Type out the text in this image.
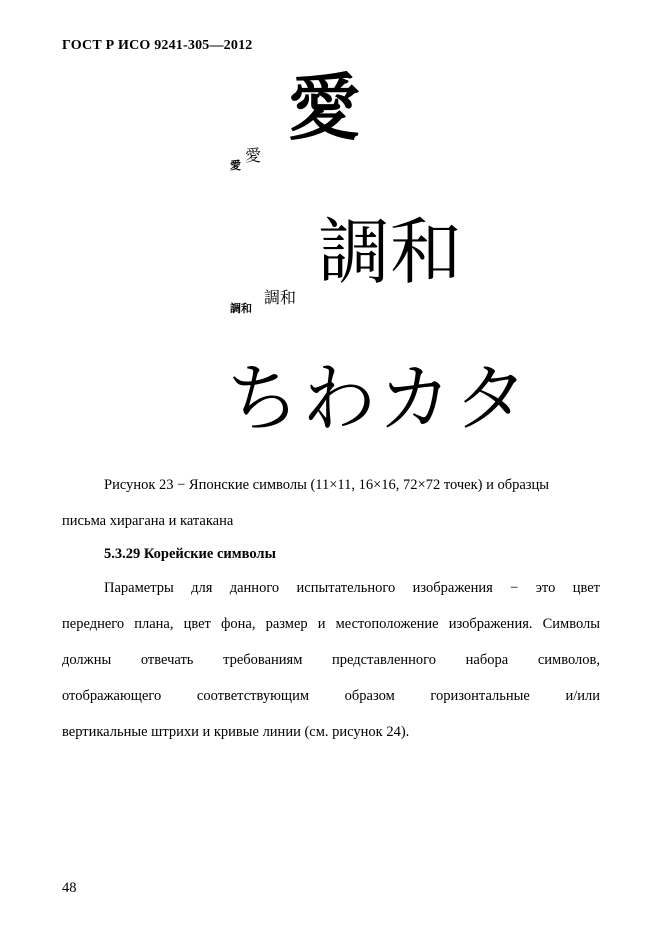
ГОСТ Р ИСО 9241-305—2012
愛
愛
愛
調和
調和
調和
ちわカタ
Рисунок 23 − Японские символы (11×11, 16×16, 72×72 точек) и образцы
письма хирагана и катакана
5.3.29 Корейские символы
Параметры для данного испытательного изображения − это цвет
переднего плана, цвет фона, размер и местоположение изображения. Символы
должны отвечать требованиям представленного набора символов,
отображающего соответствующим образом горизонтальные и/или
вертикальные штрихи и кривые линии (см. рисунок 24).
48
